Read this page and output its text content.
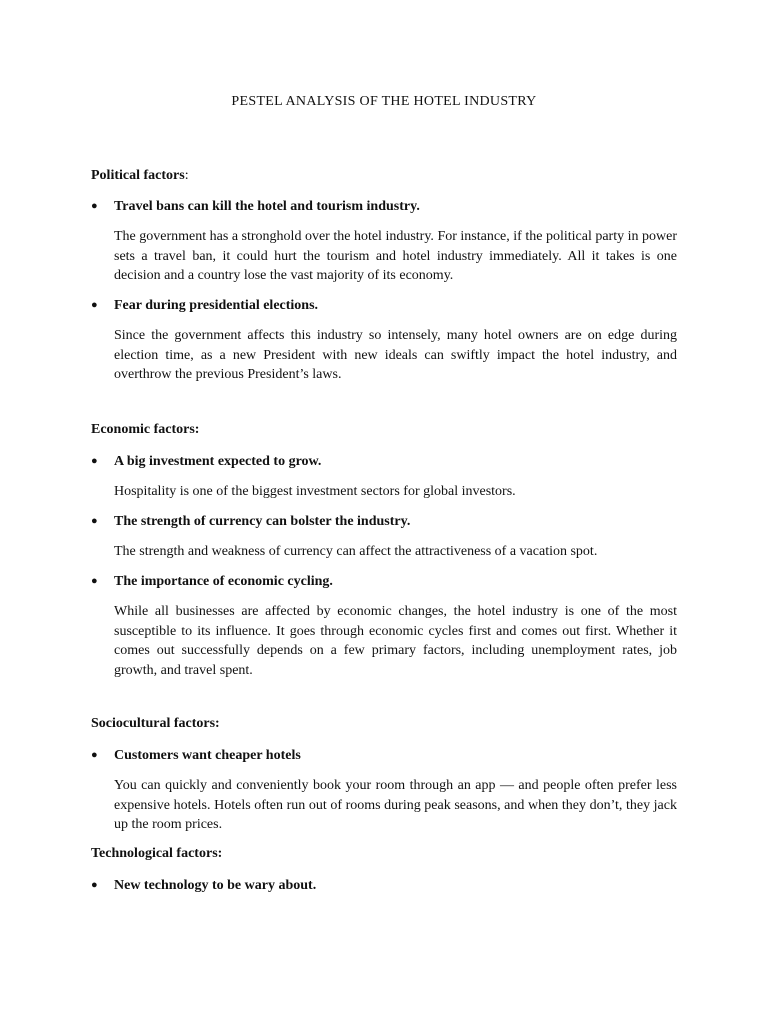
PESTEL ANALYSIS OF THE HOTEL INDUSTRY
Political factors:
● Travel bans can kill the hotel and tourism industry.
The government has a stronghold over the hotel industry. For instance, if the political party in power sets a travel ban, it could hurt the tourism and hotel industry immediately. All it takes is one decision and a country lose the vast majority of its economy.
● Fear during presidential elections.
Since the government affects this industry so intensely, many hotel owners are on edge during election time, as a new President with new ideals can swiftly impact the hotel industry, and overthrow the previous President’s laws.
Economic factors:
● A big investment expected to grow.
Hospitality is one of the biggest investment sectors for global investors.
● The strength of currency can bolster the industry.
The strength and weakness of currency can affect the attractiveness of a vacation spot.
● The importance of economic cycling.
While all businesses are affected by economic changes, the hotel industry is one of the most susceptible to its influence. It goes through economic cycles first and comes out first. Whether it comes out successfully depends on a few primary factors, including unemployment rates, job growth, and travel spent.
Sociocultural factors:
● Customers want cheaper hotels
You can quickly and conveniently book your room through an app — and people often prefer less expensive hotels. Hotels often run out of rooms during peak seasons, and when they don’t, they jack up the room prices.
Technological factors:
● New technology to be wary about.
